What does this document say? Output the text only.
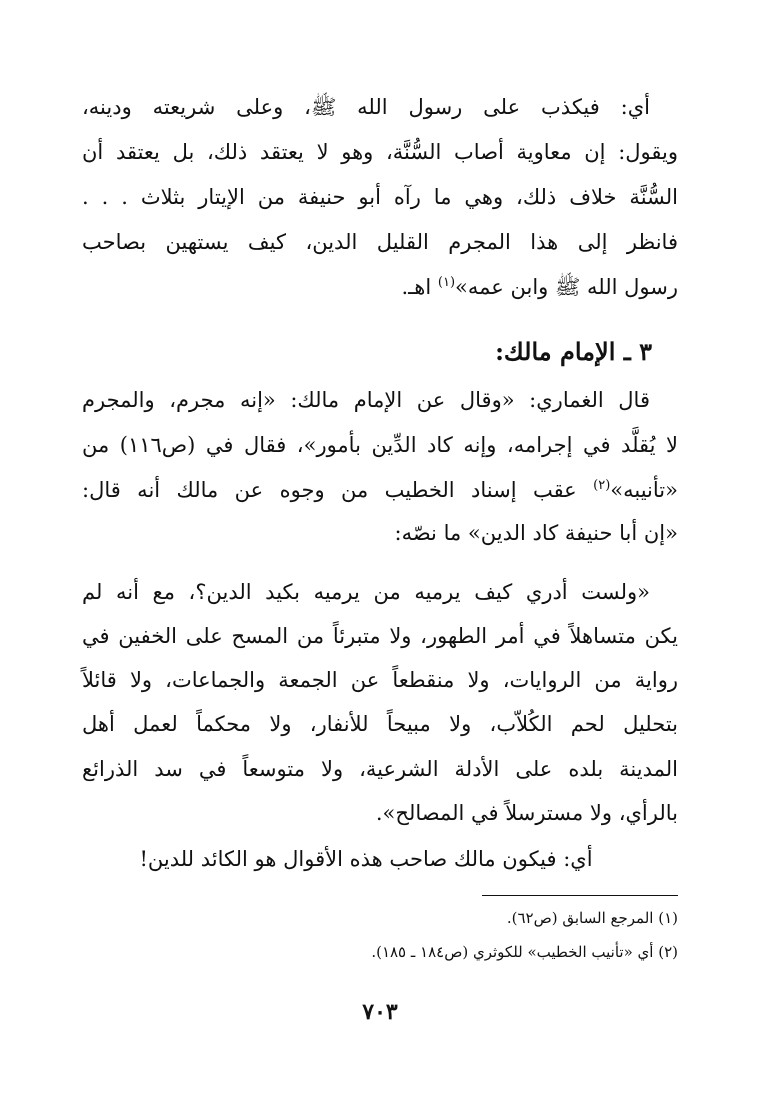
أي: فيكذب على رسول الله ﷺ، وعلى شريعته ودينه،
ويقول: إن معاوية أصاب السُّنَّة، وهو لا يعتقد ذلك، بل يعتقد أن
السُّنَّة خلاف ذلك، وهي ما رآه أبو حنيفة من الإيتار بثلاث . . .
فانظر إلى هذا المجرم القليل الدين، كيف يستهين بصاحب
رسول الله ﷺ وابن عمه»$^{(١)}$ اهـ.
٣ ـ الإمام مالك:
قال الغماري: «وقال عن الإمام مالك: «إنه مجرم، والمجرم
لا يُقلَّد في إجرامه، وإنه كاد الدِّين بأمور»، فقال في (ص١١٦) من
«تأنيبه»$^{(٢)}$ عقب إسناد الخطيب من وجوه عن مالك أنه قال:
«إن أبا حنيفة كاد الدين» ما نصّه:
«ولست أدري كيف يرميه من يرميه بكيد الدين؟، مع أنه لم
يكن متساهلاً في أمر الطهور، ولا متبرئاً من المسح على الخفين في
رواية من الروايات، ولا منقطعاً عن الجمعة والجماعات، ولا قائلاً
بتحليل لحم الكُلاّب، ولا مبيحاً للأنفار، ولا محكماً لعمل أهل
المدينة بلده على الأدلة الشرعية، ولا متوسعاً في سد الذرائع
بالرأي، ولا مسترسلاً في المصالح».
أي: فيكون مالك صاحب هذه الأقوال هو الكائد للدين!
(١) المرجع السابق (ص٦٢).
(٢) أي «تأنيب الخطيب» للكوثري (ص١٨٤ ـ ١٨٥).
٧٠٣
